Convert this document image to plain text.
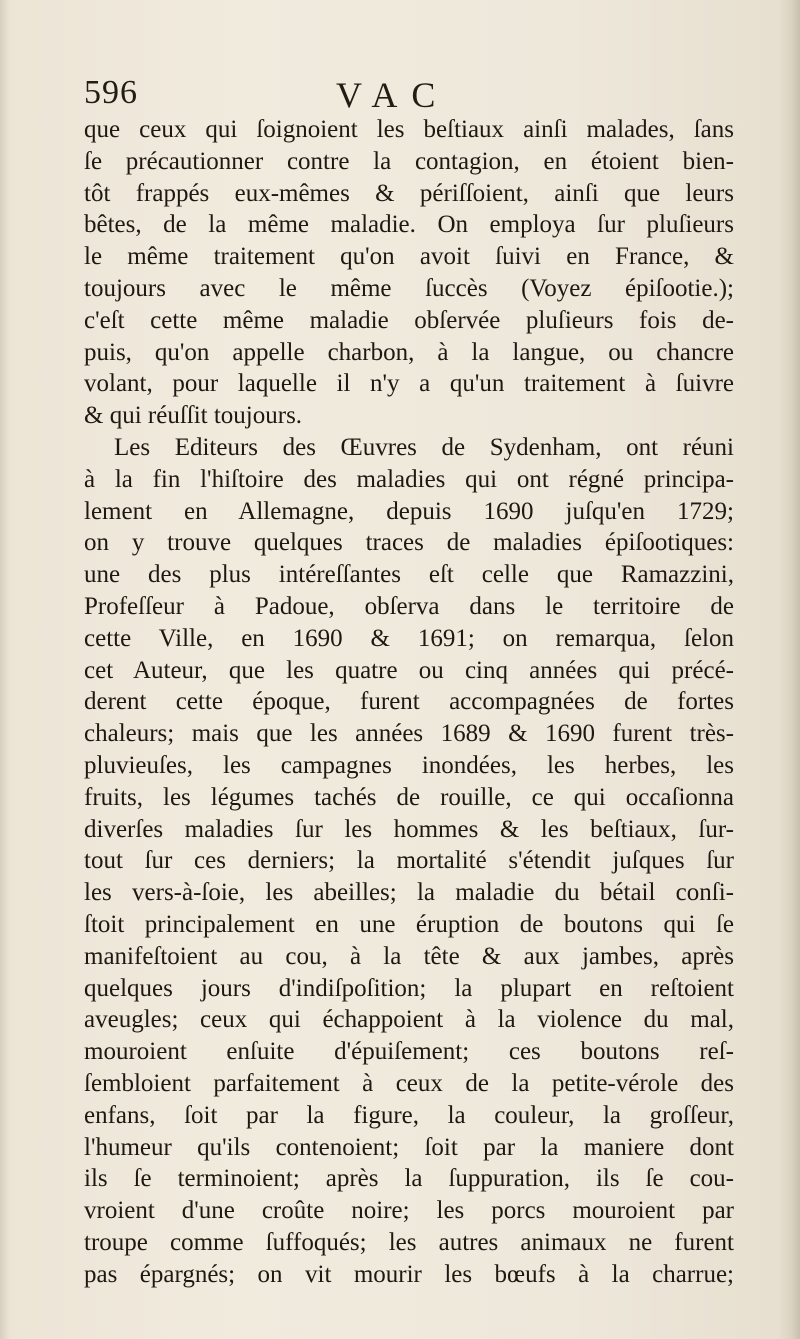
596	VAC
que ceux qui ſoignoient les beſtiaux ainſi malades, ſans
ſe précautionner contre la contagion, en étoient bien-
tôt frappés eux-mêmes & périſſoient, ainſi que leurs
bêtes, de la même maladie. On employa ſur pluſieurs
le même traitement qu'on avoit ſuivi en France, &
toujours avec le même ſuccès (Voyez épiſootie.);
c'eſt cette même maladie obſervée pluſieurs fois de-
puis, qu'on appelle charbon, à la langue, ou chancre
volant, pour laquelle il n'y a qu'un traitement à ſuivre
& qui réuſſit toujours.
Les Editeurs des Œuvres de Sydenham, ont réuni
à la fin l'hiſtoire des maladies qui ont régné principa-
lement en Allemagne, depuis 1690 juſqu'en 1729;
on y trouve quelques traces de maladies épiſootiques:
une des plus intéreſſantes eſt celle que Ramazzini,
Profeſſeur à Padoue, obſerva dans le territoire de
cette Ville, en 1690 & 1691; on remarqua, ſelon
cet Auteur, que les quatre ou cinq années qui précé-
derent cette époque, furent accompagnées de fortes
chaleurs; mais que les années 1689 & 1690 furent très-
pluvieuſes, les campagnes inondées, les herbes, les
fruits, les légumes tachés de rouille, ce qui occaſionna
diverſes maladies ſur les hommes & les beſtiaux, ſur-
tout ſur ces derniers; la mortalité s'étendit juſques ſur
les vers-à-ſoie, les abeilles; la maladie du bétail conſi-
ſtoit principalement en une éruption de boutons qui ſe
manifeſtoient au cou, à la tête & aux jambes, après
quelques jours d'indiſpoſition; la plupart en reſtoient
aveugles; ceux qui échappoient à la violence du mal,
mouroient enſuite d'épuiſement; ces boutons reſ-
ſembloient parfaitement à ceux de la petite-vérole des
enfans, ſoit par la figure, la couleur, la groſſeur,
l'humeur qu'ils contenoient; ſoit par la maniere dont
ils ſe terminoient; après la ſuppuration, ils ſe cou-
vroient d'une croûte noire; les porcs mouroient par
troupe comme ſuffoqués; les autres animaux ne furent
pas épargnés; on vit mourir les bœufs à la charrue;
